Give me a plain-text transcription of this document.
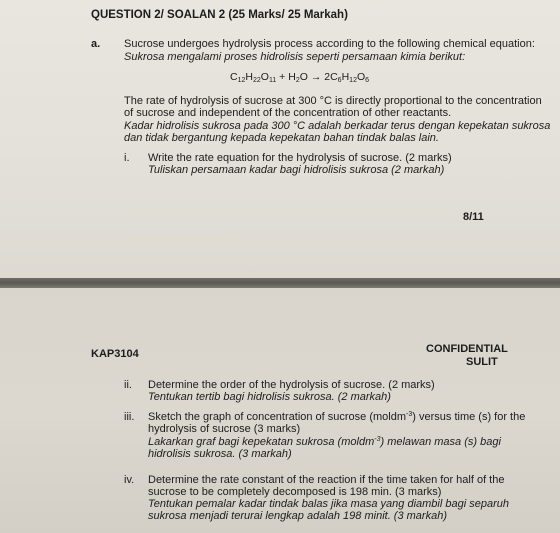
QUESTION 2/ SOALAN 2 (25 Marks/ 25 Markah)
a. Sucrose undergoes hydrolysis process according to the following chemical equation:
Sukrosa mengalami proses hidrolisis seperti persamaan kimia berikut:
$C_{12}H_{22}O_{11} + H_2O \to 2C_6H_{12}O_6$
The rate of hydrolysis of sucrose at 300 °C is directly proportional to the concentration
of sucrose and independent of the concentration of other reactants.
Kadar hidrolisis sukrosa pada 300 °C adalah berkadar terus dengan kepekatan sukrosa
dan tidak bergantung kepada kepekatan bahan tindak balas lain.
i. Write the rate equation for the hydrolysis of sucrose. (2 marks)
Tuliskan persamaan kadar bagi hidrolisis sukrosa (2 markah)
8/11
KAP3104	CONFIDENTIAL
SULIT
ii. Determine the order of the hydrolysis of sucrose. (2 marks)
Tentukan tertib bagi hidrolisis sukrosa. (2 markah)
iii. Sketch the graph of concentration of sucrose (moldm$^{-3}$) versus time (s) for the
hydrolysis of sucrose (3 marks)
Lakarkan graf bagi kepekatan sukrosa (moldm$^{-3}$) melawan masa (s) bagi
hidrolisis sukrosa. (3 markah)
iv. Determine the rate constant of the reaction if the time taken for half of the
sucrose to be completely decomposed is 198 min. (3 marks)
Tentukan pemalar kadar tindak balas jika masa yang diambil bagi separuh
sukrosa menjadi terurai lengkap adalah 198 minit. (3 markah)
